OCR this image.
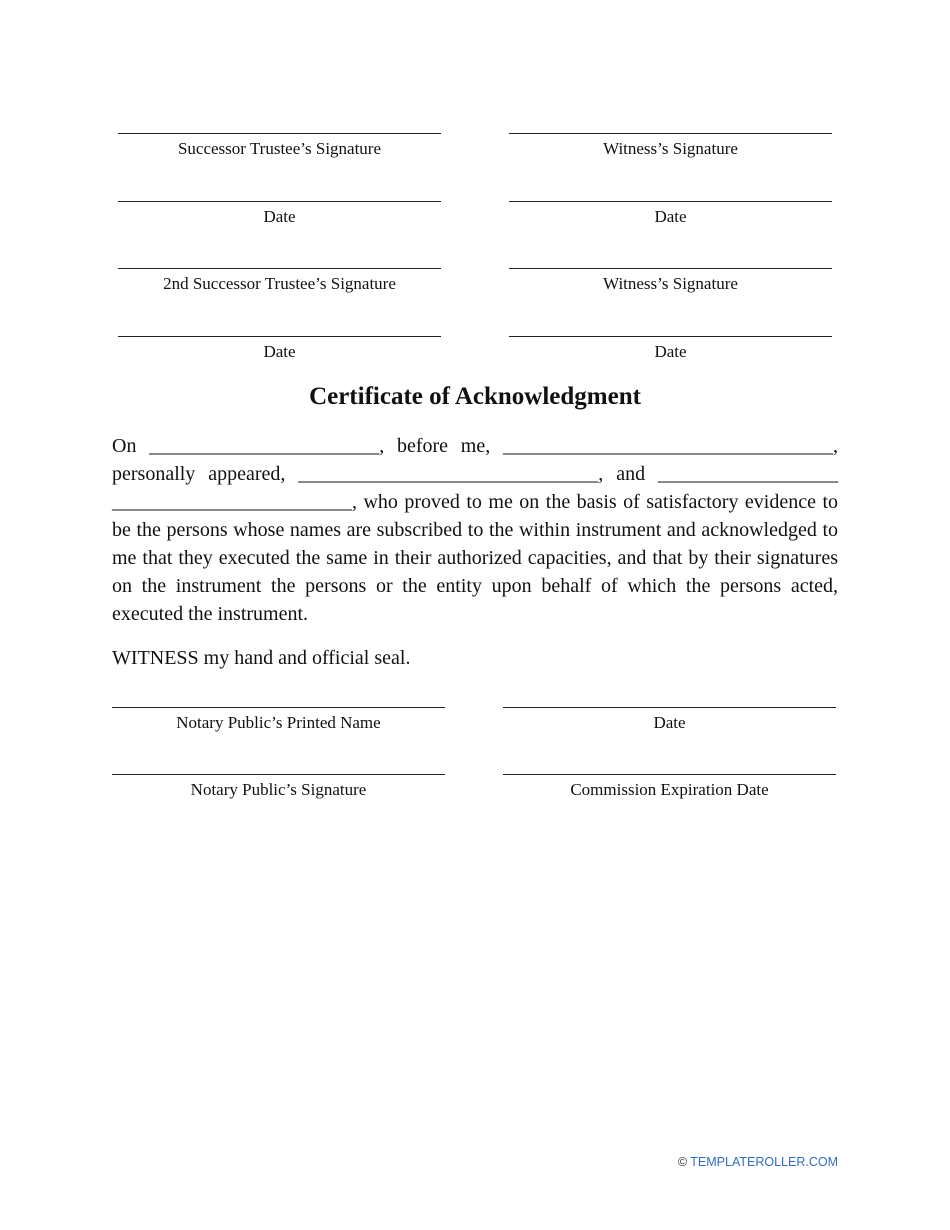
Successor Trustee’s Signature	Witness’s Signature
Date	Date
2nd Successor Trustee’s Signature	Witness’s Signature
Date	Date
Certificate of Acknowledgment

On _______________________, before me, _________________________________, personally appeared, ______________________________, and __________________ ________________________, who proved to me on the basis of satisfactory evidence to be the persons whose names are subscribed to the within instrument and acknowledged to me that they executed the same in their authorized capacities, and that by their signatures on the instrument the persons or the entity upon behalf of which the persons acted, executed the instrument.

WITNESS my hand and official seal.

Notary Public’s Printed Name	Date
Notary Public’s Signature	Commission Expiration Date
© TEMPLATEROLLER.COM
